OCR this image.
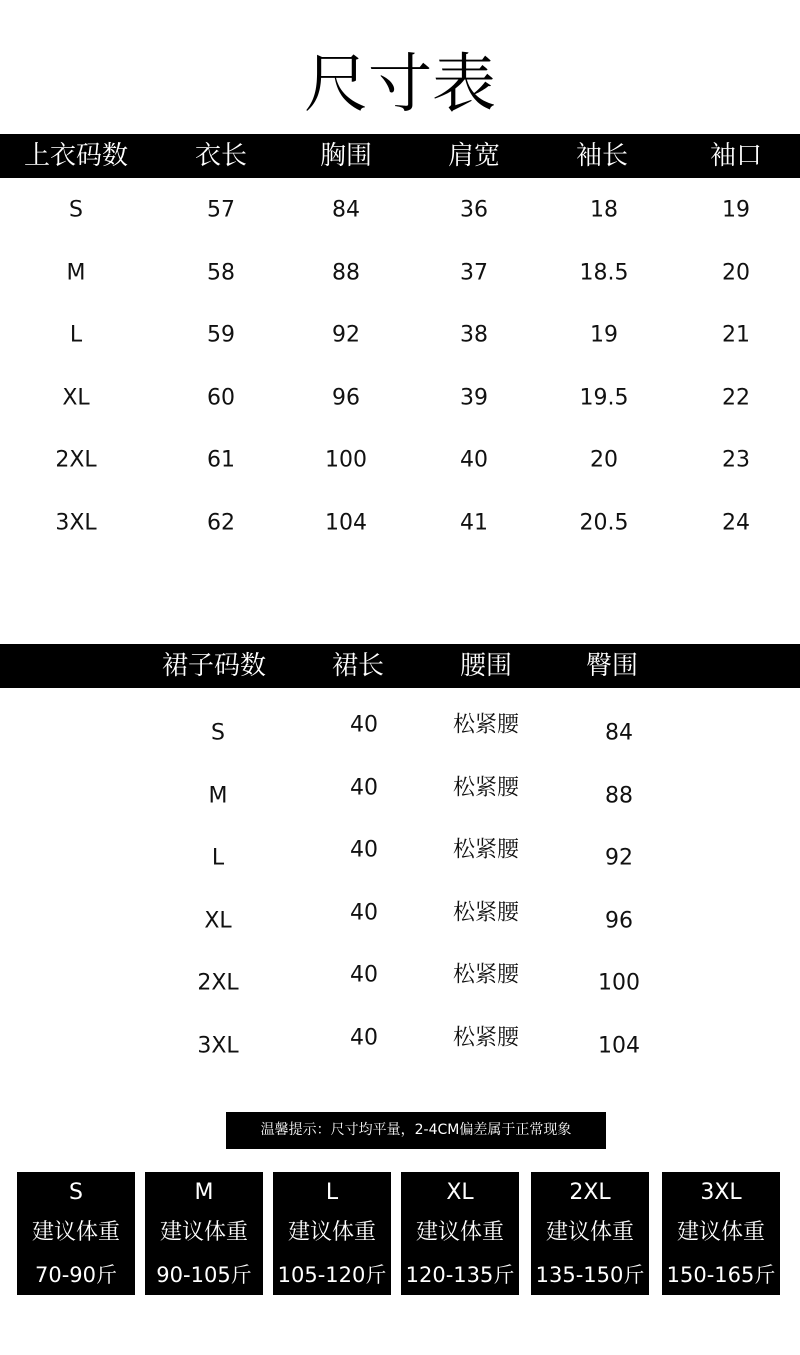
尺寸表
上衣码数	衣长	胸围	肩宽	袖长	袖口
S	57	84	36	18	19
M	58	88	37	18.5	20
L	59	92	38	19	21
XL	60	96	39	19.5	22
2XL	61	100	40	20	23
3XL	62	104	41	20.5	24
裙子码数	裙长	腰围	臀围
S	40	松紧腰	84
M	40	松紧腰	88
L	40	松紧腰	92
XL	40	松紧腰	96
2XL	40	松紧腰	100
3XL	40	松紧腰	104
温馨提示：尺寸均平量，2-4CM偏差属于正常现象
S
建议体重
70-90斤
M
建议体重
90-105斤
L
建议体重
105-120斤
XL
建议体重
120-135斤
2XL
建议体重
135-150斤
3XL
建议体重
150-165斤
